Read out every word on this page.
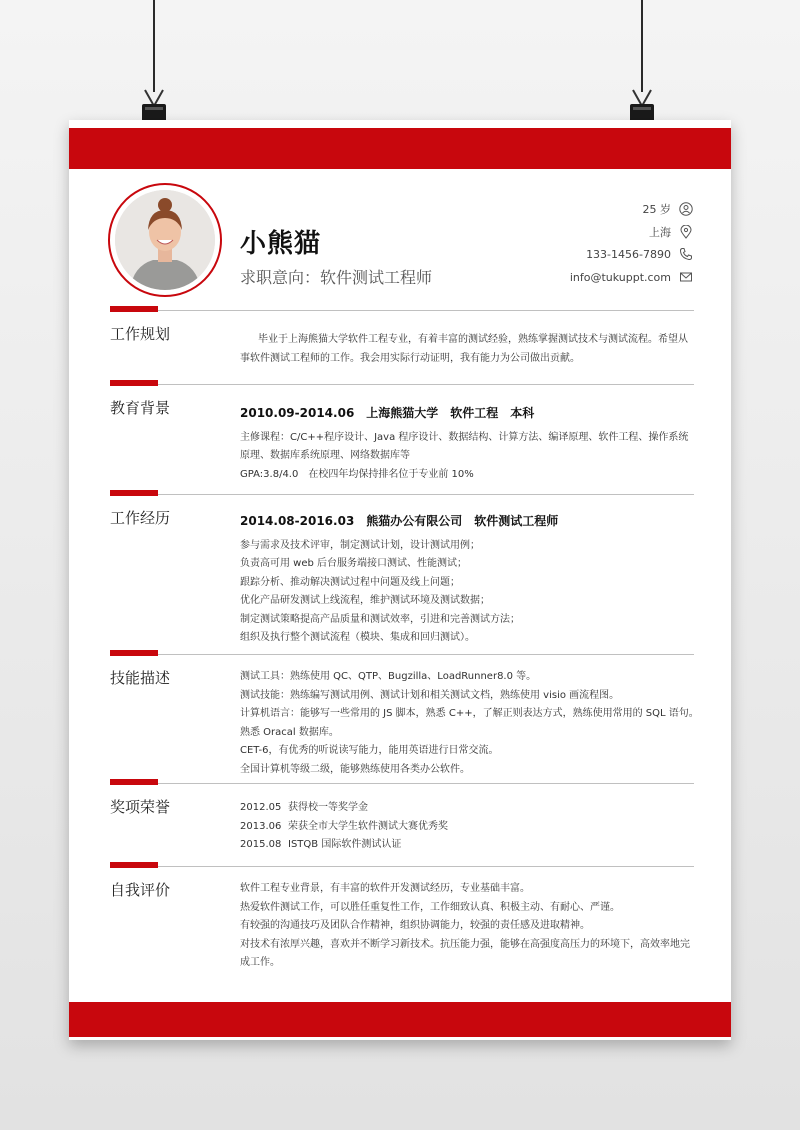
小熊猫
求职意向：软件测试工程师
25 岁
上海
133-1456-7890
info@tukuppt.com
工作规划	毕业于上海熊猫大学软件工程专业，有着丰富的测试经验，熟练掌握测试技术与测试流程。希望从事软件测试工程师的工作。我会用实际行动证明，我有能力为公司做出贡献。
教育背景	2010.09-2014.06　上海熊猫大学　软件工程　本科
主修课程：C/C++程序设计、Java 程序设计、数据结构、计算方法、编译原理、软件工程、操作系统
原理、数据库系统原理、网络数据库等
GPA:3.8/4.0　在校四年均保持排名位于专业前 10%
工作经历	2014.08-2016.03　熊猫办公有限公司　软件测试工程师
参与需求及技术评审，制定测试计划，设计测试用例；
负责高可用 web 后台服务端接口测试、性能测试；
跟踪分析、推动解决测试过程中问题及线上问题；
优化产品研发测试上线流程，维护测试环境及测试数据；
制定测试策略提高产品质量和测试效率，引进和完善测试方法；
组织及执行整个测试流程（模块、集成和回归测试）。
技能描述	测试工具：熟练使用 QC、QTP、Bugzilla、LoadRunner8.0 等。
测试技能：熟练编写测试用例、测试计划和相关测试文档，熟练使用 visio 画流程图。
计算机语言：能够写一些常用的 JS 脚本，熟悉 C++，了解正则表达方式，熟练使用常用的 SQL 语句。
熟悉 Oracal 数据库。
CET-6，有优秀的听说读写能力，能用英语进行日常交流。
全国计算机等级二级，能够熟练使用各类办公软件。
奖项荣誉	2012.05 获得校一等奖学金
2013.06 荣获全市大学生软件测试大赛优秀奖
2015.08 ISTQB 国际软件测试认证
自我评价	软件工程专业背景，有丰富的软件开发测试经历，专业基础丰富。
热爱软件测试工作，可以胜任重复性工作，工作细致认真、积极主动、有耐心、严谨。
有较强的沟通技巧及团队合作精神，组织协调能力，较强的责任感及进取精神。
对技术有浓厚兴趣，喜欢并不断学习新技术。抗压能力强，能够在高强度高压力的环境下，高效率地完
成工作。
